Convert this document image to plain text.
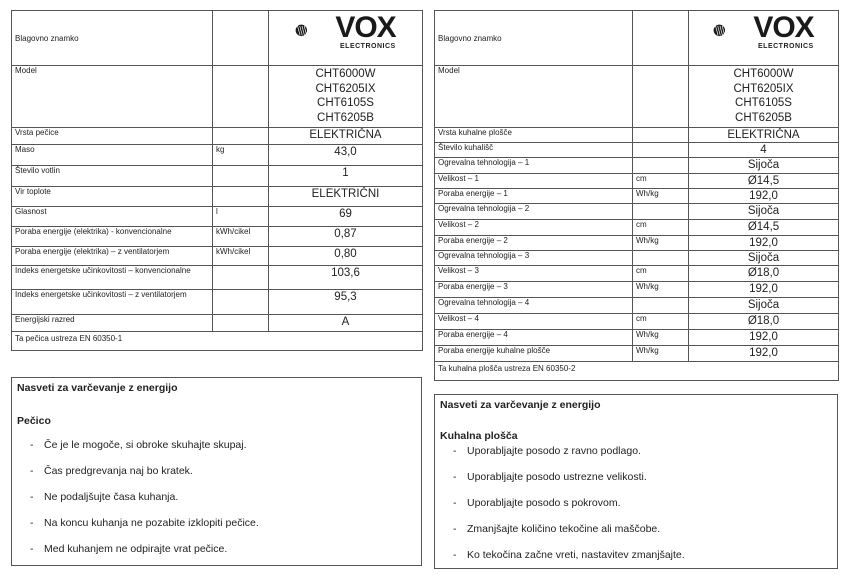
Blagovno znamko		VOX
ELECTRONICS

Model		CHT6000W
CHT6205IX
CHT6105S
CHT6205B

Vrsta pečice		ELEKTRIČNA
Maso	kg	43,0
Število votlin		1
Vir toplote		ELEKTRIČNI
Glasnost	l	69
Poraba energije (elektrika) - konvencionalne	kWh/cikel	0,87
Poraba energije (elektrika) – z ventilatorjem	kWh/cikel	0,80
Indeks energetske učinkovitosti – konvencionalne		103,6
Indeks energetske učinkovitosti – z ventilatorjem		95,3
Energijski razred		A
Ta pečica ustreza EN 60350-1		
Blagovno znamko		VOX
ELECTRONICS

Model		CHT6000W
CHT6205IX
CHT6105S
CHT6205B

Vrsta kuhalne plošče		ELEKTRIČNA
Število kuhališč		4
Ogrevalna tehnologija – 1		Sijoča
Velikost – 1	cm	Ø14,5
Poraba energije – 1	Wh/kg	192,0
Ogrevalna tehnologija – 2		Sijoča
Velikost – 2	cm	Ø14,5
Poraba energije – 2	Wh/kg	192,0
Ogrevalna tehnologija – 3		Sijoča
Velikost – 3	cm	Ø18,0
Poraba energije – 3	Wh/kg	192,0
Ogrevalna tehnologija – 4		Sijoča
Velikost – 4	cm	Ø18,0
Poraba energije – 4	Wh/kg	192,0
Poraba energije kuhalne plošče	Wh/kg	192,0
Ta kuhalna plošča ustreza EN 60350-2		
Nasveti za varčevanje z energijo
Pečico
- Če je le mogoče, si obroke skuhajte skupaj.
- Čas predgrevanja naj bo kratek.
- Ne podaljšujte časa kuhanja.
- Na koncu kuhanja ne pozabite izklopiti pečice.
- Med kuhanjem ne odpirajte vrat pečice.
Nasveti za varčevanje z energijo
Kuhalna plošča
- Uporabljajte posodo z ravno podlago.
- Uporabljajte posodo ustrezne velikosti.
- Uporabljajte posodo s pokrovom.
- Zmanjšajte količino tekočine ali maščobe.
- Ko tekočina začne vreti, nastavitev zmanjšajte.
